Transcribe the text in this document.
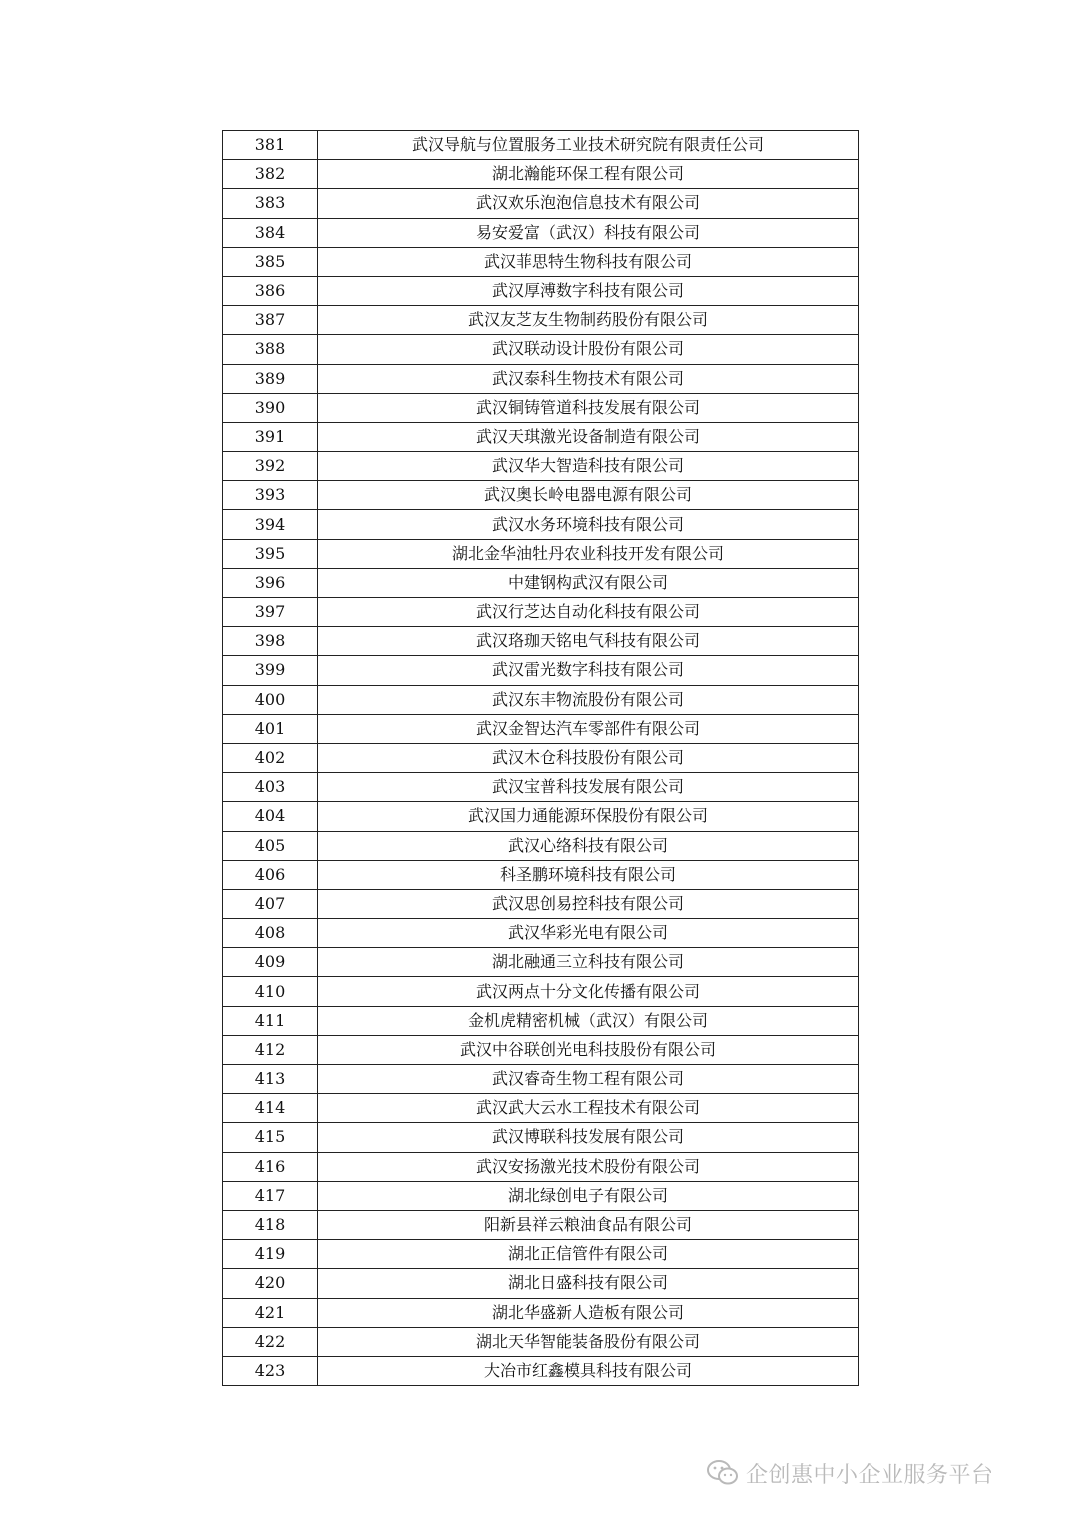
381	武汉导航与位置服务工业技术研究院有限责任公司
382	湖北瀚能环保工程有限公司
383	武汉欢乐泡泡信息技术有限公司
384	易安爱富（武汉）科技有限公司
385	武汉菲思特生物科技有限公司
386	武汉厚溥数字科技有限公司
387	武汉友芝友生物制药股份有限公司
388	武汉联动设计股份有限公司
389	武汉泰科生物技术有限公司
390	武汉铜铸管道科技发展有限公司
391	武汉天琪激光设备制造有限公司
392	武汉华大智造科技有限公司
393	武汉奥长岭电器电源有限公司
394	武汉水务环境科技有限公司
395	湖北金华油牡丹农业科技开发有限公司
396	中建钢构武汉有限公司
397	武汉行芝达自动化科技有限公司
398	武汉珞珈天铭电气科技有限公司
399	武汉雷光数字科技有限公司
400	武汉东丰物流股份有限公司
401	武汉金智达汽车零部件有限公司
402	武汉木仓科技股份有限公司
403	武汉宝普科技发展有限公司
404	武汉国力通能源环保股份有限公司
405	武汉心络科技有限公司
406	科圣鹏环境科技有限公司
407	武汉思创易控科技有限公司
408	武汉华彩光电有限公司
409	湖北融通三立科技有限公司
410	武汉两点十分文化传播有限公司
411	金机虎精密机械（武汉）有限公司
412	武汉中谷联创光电科技股份有限公司
413	武汉睿奇生物工程有限公司
414	武汉武大云水工程技术有限公司
415	武汉博联科技发展有限公司
416	武汉安扬激光技术股份有限公司
417	湖北绿创电子有限公司
418	阳新县祥云粮油食品有限公司
419	湖北正信管件有限公司
420	湖北日盛科技有限公司
421	湖北华盛新人造板有限公司
422	湖北天华智能装备股份有限公司
423	大冶市红鑫模具科技有限公司
企创惠中小企业服务平台
